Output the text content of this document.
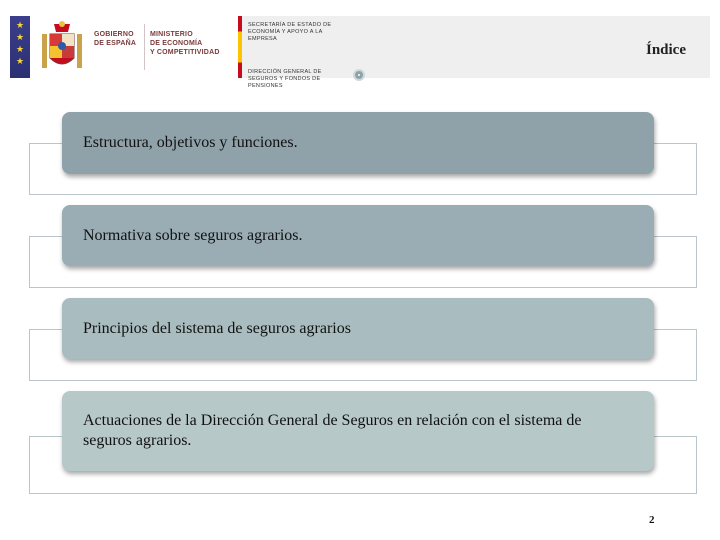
★
★
★
★
GOBIERNO
DE ESPAÑA
MINISTERIO
DE ECONOMÍA
Y COMPETITIVIDAD
SECRETARÍA DE ESTADO DE ECONOMÍA Y APOYO A LA EMPRESA
DIRECCIÓN GENERAL DE SEGUROS Y FONDOS DE PENSIONES
Índice
Estructura, objetivos y funciones.
Normativa sobre seguros agrarios.
Principios del sistema de seguros agrarios
Actuaciones de la Dirección General de Seguros en relación con el sistema de seguros agrarios.
2
